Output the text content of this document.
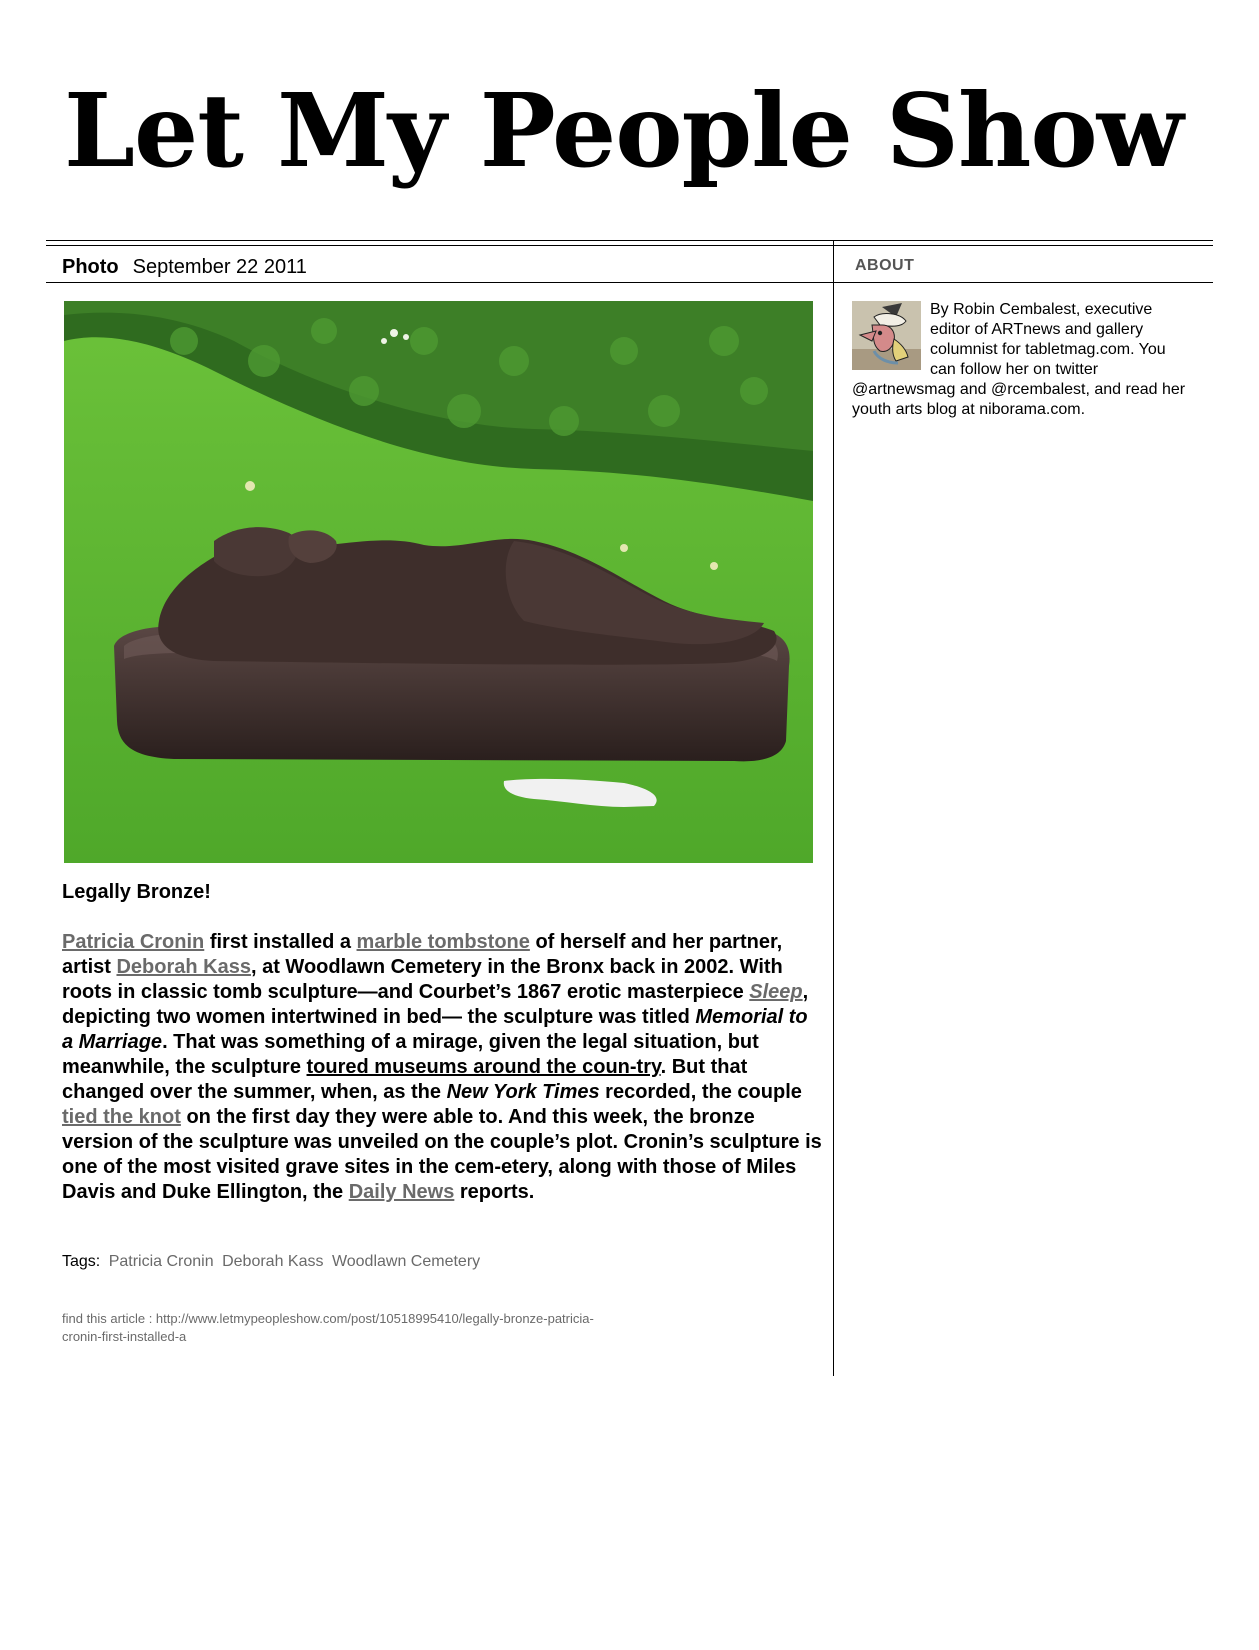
Let My People Show
Photo September 22 2011	ABOUT
Legally Bronze!

Patricia Cronin first installed a marble tombstone of herself and her partner, artist Deborah Kass, at Woodlawn Cemetery in the Bronx back in 2002. With roots in classic tomb sculpture—and Courbet’s 1867 erotic masterpiece Sleep, depicting two women intertwined in bed— the sculpture was titled Memorial to a Marriage. That was something of a mirage, given the legal situation, but meanwhile, the sculpture toured museums around the coun-try. But that changed over the summer, when, as the New York Times recorded, the couple tied the knot on the first day they were able to. And this week, the bronze version of the sculpture was unveiled on the couple’s plot. Cronin’s sculpture is one of the most visited grave sites in the cem-etery, along with those of Miles Davis and Duke Ellington, the Daily News reports.

Tags: Patricia Cronin Deborah Kass Woodlawn Cemetery
find this article : http://www.letmypeopleshow.com/post/10518995410/legally-bronze-patricia-cronin-first-installed-a

By Robin Cembalest, executive editor of ARTnews and gallery columnist for tabletmag.com. You can follow her on twitter @artnewsmag and @rcembalest, and read her youth arts blog at niborama.com.
